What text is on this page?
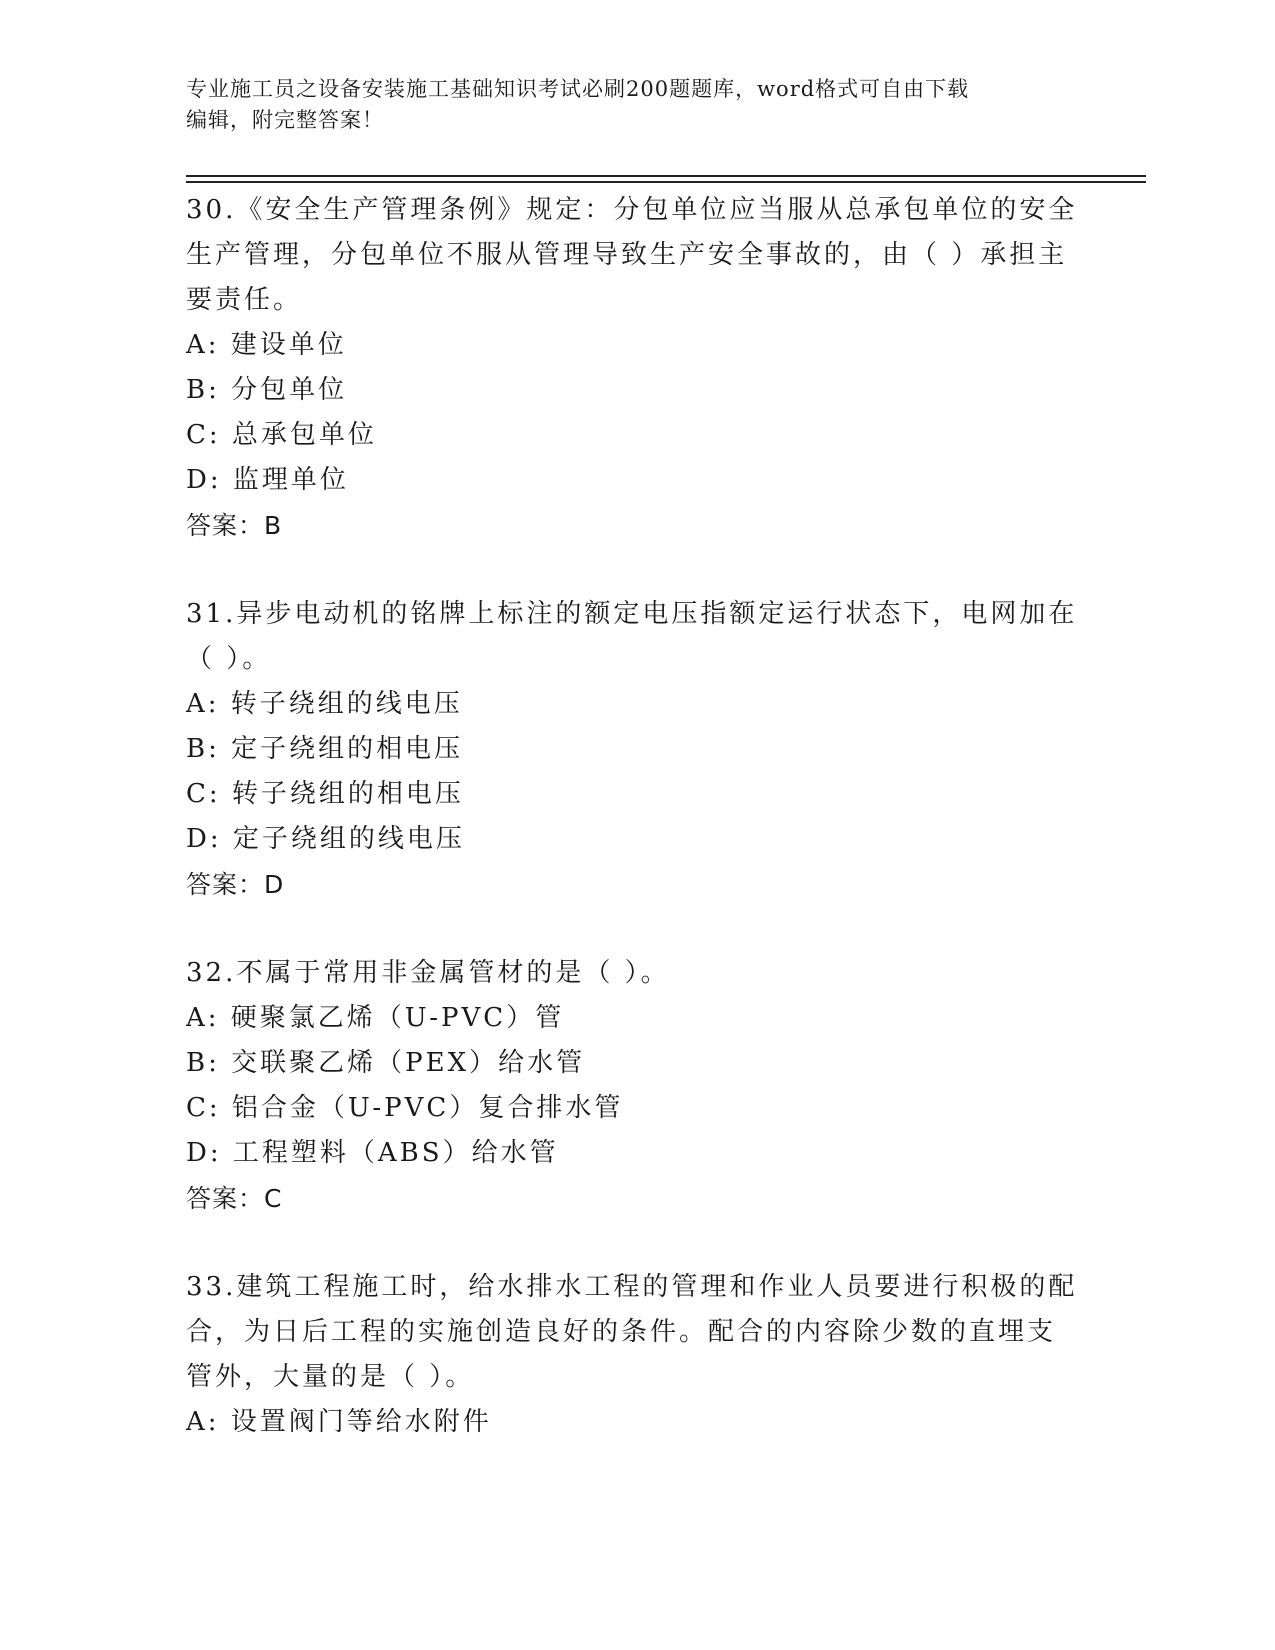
专业施工员之设备安装施工基础知识考试必刷200题题库，word格式可自由下载
编辑，附完整答案！

30.《安全生产管理条例》规定：分包单位应当服从总承包单位的安全

生产管理，分包单位不服从管理导致生产安全事故的，由（ ）承担主

要责任。

A: 建设单位

B: 分包单位

C: 总承包单位

D: 监理单位

答案：B

31.异步电动机的铭牌上标注的额定电压指额定运行状态下，电网加在

（ ）。

A: 转子绕组的线电压

B: 定子绕组的相电压

C: 转子绕组的相电压

D: 定子绕组的线电压

答案：D

32.不属于常用非金属管材的是（ ）。

A: 硬聚氯乙烯（U-PVC）管

B: 交联聚乙烯（PEX）给水管

C: 铝合金（U-PVC）复合排水管

D: 工程塑料（ABS）给水管

答案：C

33.建筑工程施工时，给水排水工程的管理和作业人员要进行积极的配

合，为日后工程的实施创造良好的条件。配合的内容除少数的直埋支

管外，大量的是（ ）。

A: 设置阀门等给水附件
